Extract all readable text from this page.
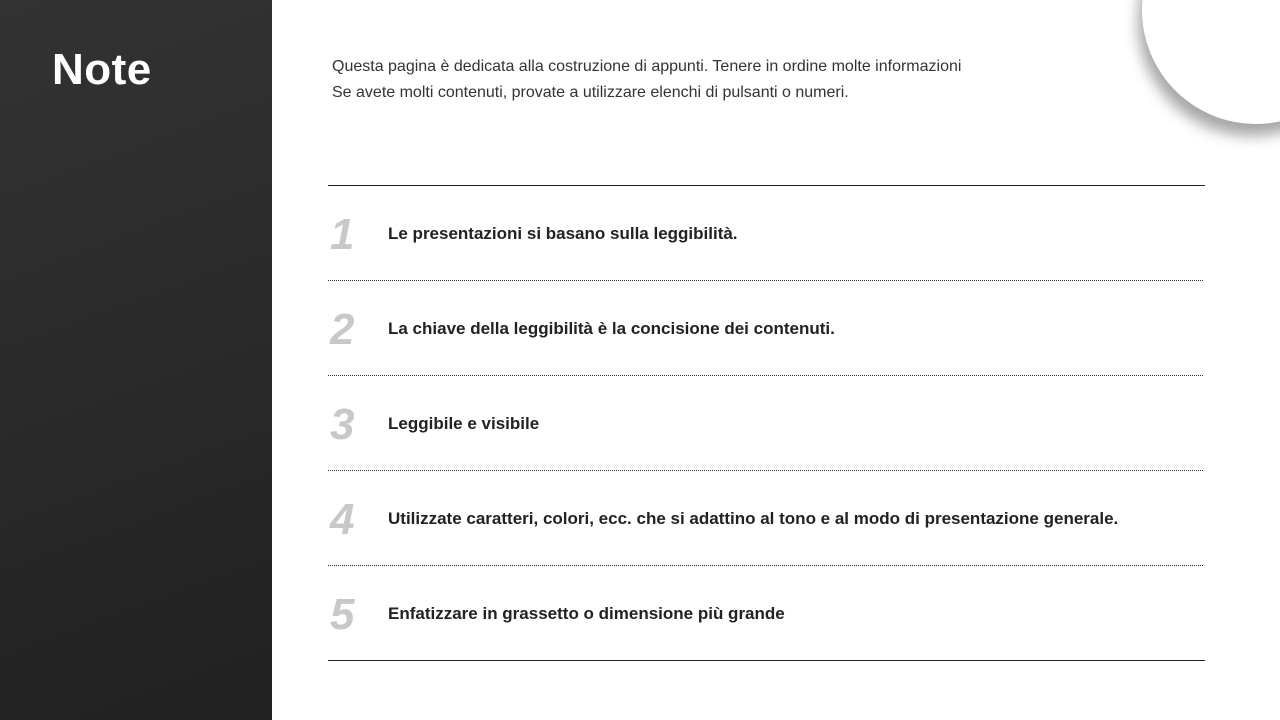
Note	Questa pagina è dedicata alla costruzione di appunti. Tenere in ordine molte informazioni

Se avete molti contenuti, provate a utilizzare elenchi di pulsanti o numeri.

1 Le presentazioni si basano sulla leggibilità.
2 La chiave della leggibilità è la concisione dei contenuti.
3 Leggibile e visibile
4 Utilizzate caratteri, colori, ecc. che si adattino al tono e al modo di presentazione generale.
5 Enfatizzare in grassetto o dimensione più grande
